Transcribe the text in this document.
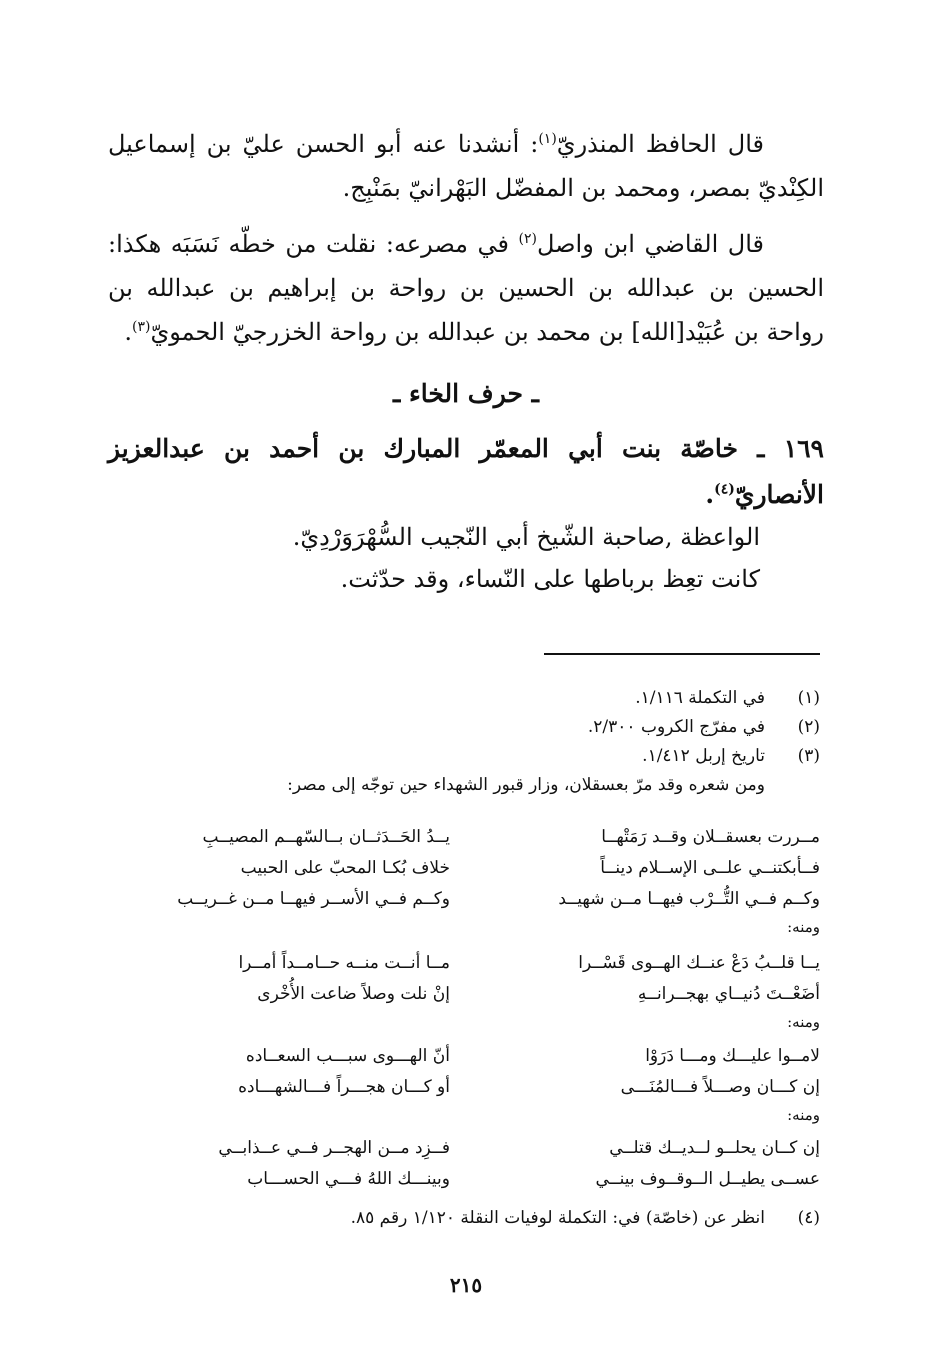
قال الحافظ المنذريّ$^{(١)}$: أنشدنا عنه أبو الحسن عليّ بن إسماعيل الكِنْديّ بمصر، ومحمد بن المفضّل البَهْرانيّ بمَنْبِج.

قال القاضي ابن واصل$^{(٢)}$ في مصرعه: نقلت من خطّه نَسَبَه هكذا: الحسين بن عبدالله بن الحسين بن رواحة بن إبراهيم بن عبدالله بن رواحة بن عُبَيْد[الله] بن محمد بن عبدالله بن رواحة الخزرجيّ الحمويّ$^{(٣)}$.

ـ حرف الخاء ـ
١٦٩ ـ خاصّة بنت أبي المعمّر المبارك بن أحمد بن عبدالعزيز الأنصاريّ$^{(٤)}$.
الواعظة ,صاحبة الشّيخ أبي النّجيب السُّهْرَوَرْدِيّ.
كانت تعِظ برباطها على النّساء، وقد حدّثت.
(١)
في التكملة ١/١١٦.
(٢)
في مفرّج الكروب ٢/٣٠٠.
(٣)
تاريخ إربل ١/٤١٢.
ومن شعره وقد مرّ بعسقلان، وزار قبور الشهداء حين توجّه إلى مصر:
مــررت بعسقــلان وقــد رَمَتْهــا
يــدُ الحَــدَثــان بــالسّهــم المصيــبِ
فــأبكتنــي علــى الإســلام دينــاً
خلاف بُكـا المحبّ على الحبيب
وكــم فــي التُّــرْب فيهــا مــن شهيــد
وكــم فــي الأســر فيهــا مــن غــريــب
ومنه:
يــا قلــبُ دَعْ عنــك الهــوى قَسْــرا
مــا أنــت منــه حــامــداً أمــرا
أضَعْــتَ دُنيــاي بهجــرانــهِ
إنْ نلت وصلاً ضاعت الأُخْرى
ومنه:
لامــوا عليـــك ومـــا دَرَوْا
أنّ الهـــوى سبـــب السعــاده
إن كـــان وصـــلاً فـــالمُنَـــى
أو كـــان هجـــراً فـــالشهـــاده
ومنه:
إن كــان يحلــو لــديــك قتلــي
فــزِد مــن الهجــر فــي عــذابــي
عســى يطيــل الــوقــوف بينــي
وبينـــك اللهُ فـــي الحســـاب
(٤)
انظر عن (خاصّة) في: التكملة لوفيات النقلة ١/١٢٠ رقم ٨٥.
٢١٥
